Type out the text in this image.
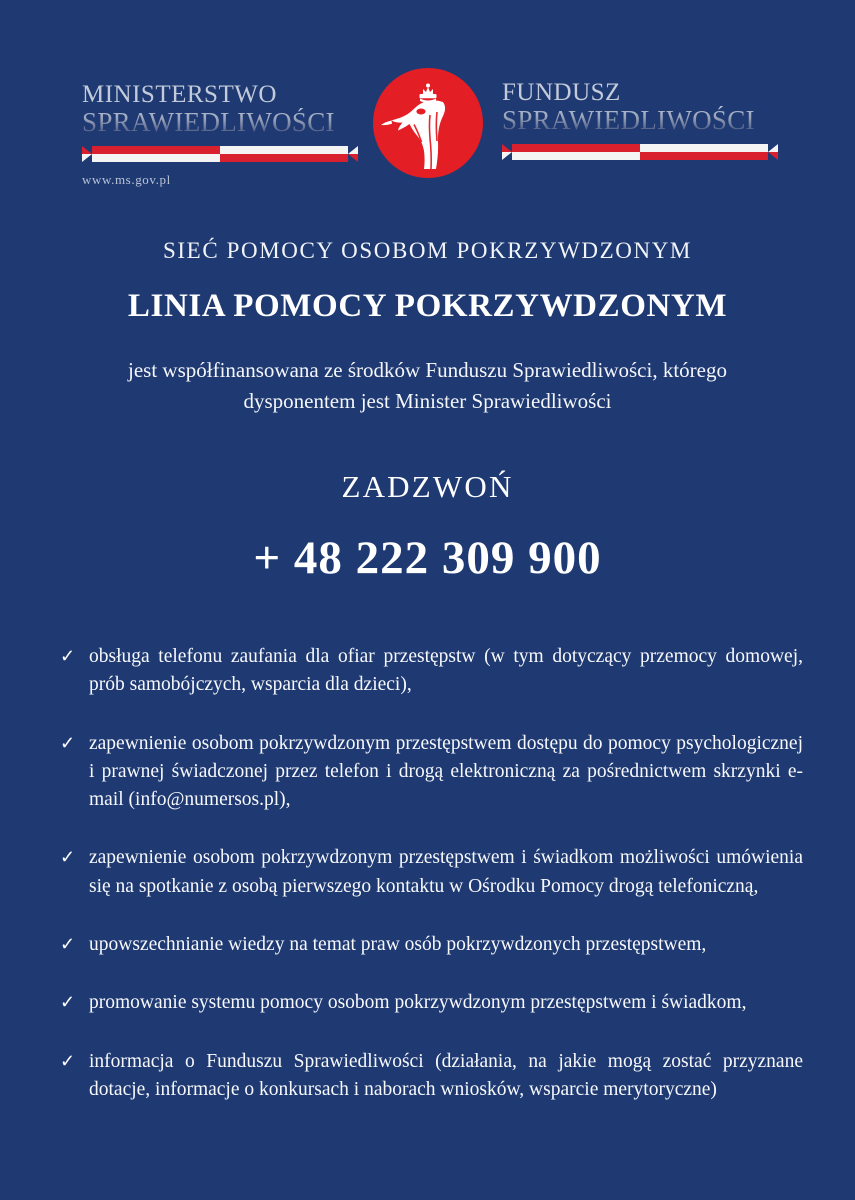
MINISTERSTWO
SPRAWIEDLIWOŚCI
www.ms.gov.pl
FUNDUSZ
SPRAWIEDLIWOŚCI
SIEĆ POMOCY OSOBOM POKRZYWDZONYM
LINIA POMOCY POKRZYWDZONYM
jest współfinansowana ze środków Funduszu Sprawiedliwości, którego dysponentem jest Minister Sprawiedliwości
ZADZWOŃ
+ 48 222 309 900
✓ obsługa telefonu zaufania dla ofiar przestępstw (w tym dotyczący przemocy domowej, prób samobójczych, wsparcia dla dzieci),
✓ zapewnienie osobom pokrzywdzonym przestępstwem dostępu do pomocy psychologicznej i prawnej świadczonej przez telefon i drogą elektroniczną za pośrednictwem skrzynki e-mail (info@numersos.pl),
✓ zapewnienie osobom pokrzywdzonym przestępstwem i świadkom możliwości umówienia się na spotkanie z osobą pierwszego kontaktu w Ośrodku Pomocy drogą telefoniczną,
✓ upowszechnianie wiedzy na temat praw osób pokrzywdzonych przestępstwem,
✓ promowanie systemu pomocy osobom pokrzywdzonym przestępstwem i świadkom,
✓ informacja o Funduszu Sprawiedliwości (działania, na jakie mogą zostać przyznane dotacje, informacje o konkursach i naborach wniosków, wsparcie merytoryczne)
